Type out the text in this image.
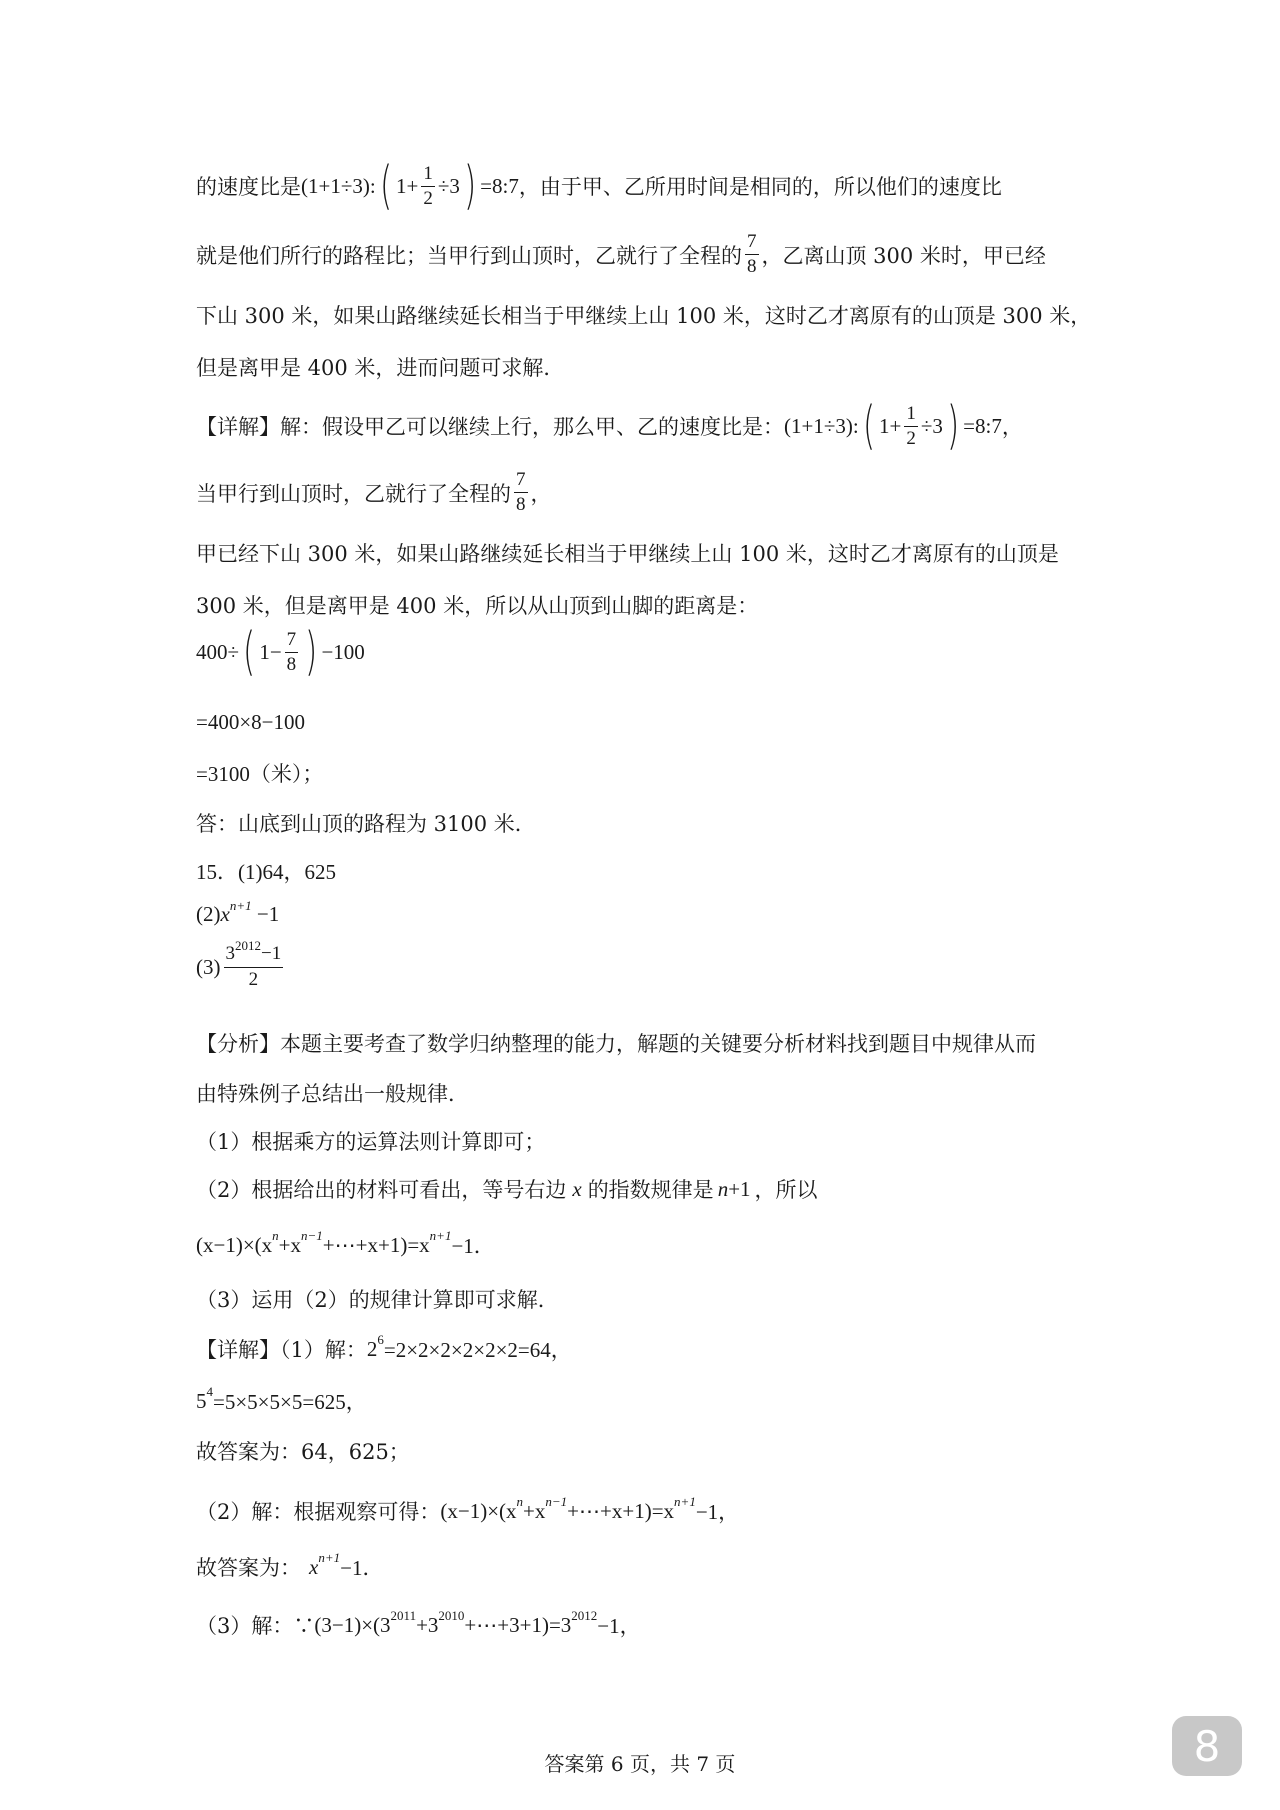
的速度比是 (1+1÷3): ( $1+ \frac{1}{2} \div 3$ ) =8:7 ，由于甲、乙所用时间是相同的，所以他们的速度比
就是他们所行的路程比；当甲行到山顶时，乙就行了全程的 $\frac{7}{8}$ ，乙离山顶 300 米时，甲已经
下山 300 米，如果山路继续延长相当于甲继续上山 100 米，这时乙才离原有的山顶是 300 米，
但是离甲是 400 米，进而问题可求解．
【详解】解：假设甲乙可以继续上行，那么甲、乙的速度比是： (1+1÷3): ( $1+ \frac{1}{2} \div 3$ ) =8:7 ，
当甲行到山顶时，乙就行了全程的 $\frac{7}{8}$ ，
甲已经下山 300 米，如果山路继续延长相当于甲继续上山 100 米，这时乙才离原有的山顶是
300 米，但是离甲是 400 米，所以从山顶到山脚的距离是：
400÷ ( $1- \frac{7}{8}$ ) −100
=400×8−100
=3100（米）；
答：山底到山顶的路程为 3100 米．
15．(1)64，625
(2) x n+1
−1
$(3) \frac{3^{2012}-1}{2}$
【分析】本题主要考查了数学归纳整理的能力，解题的关键要分析材料找到题目中规律从而
由特殊例子总结出一般规律．
（1）根据乘方的运算法则计算即可；
（2）根据给出的材料可看出，等号右边 x 的指数规律是 n +1 ，所以
(x−1)×(x n +x n−1 +⋯+x+1)=x n+1 −1．
（3）运用（2）的规律计算即可求解．
【详解】（1）解： 2 6 =2×2×2×2×2×2=64，
5 4 =5×5×5×5=625，
故答案为：64，625；
（2）解：根据观察可得： (x−1)×(x n +x n−1 +⋯+x+1)=x n+1 −1，
故答案为： x n+1 −1．
（3）解：∵ (3−1)×(3 2011 +3 2010 +⋯+3+1)=3 2012 −1，
8
答案第 6 页，共 7 页
